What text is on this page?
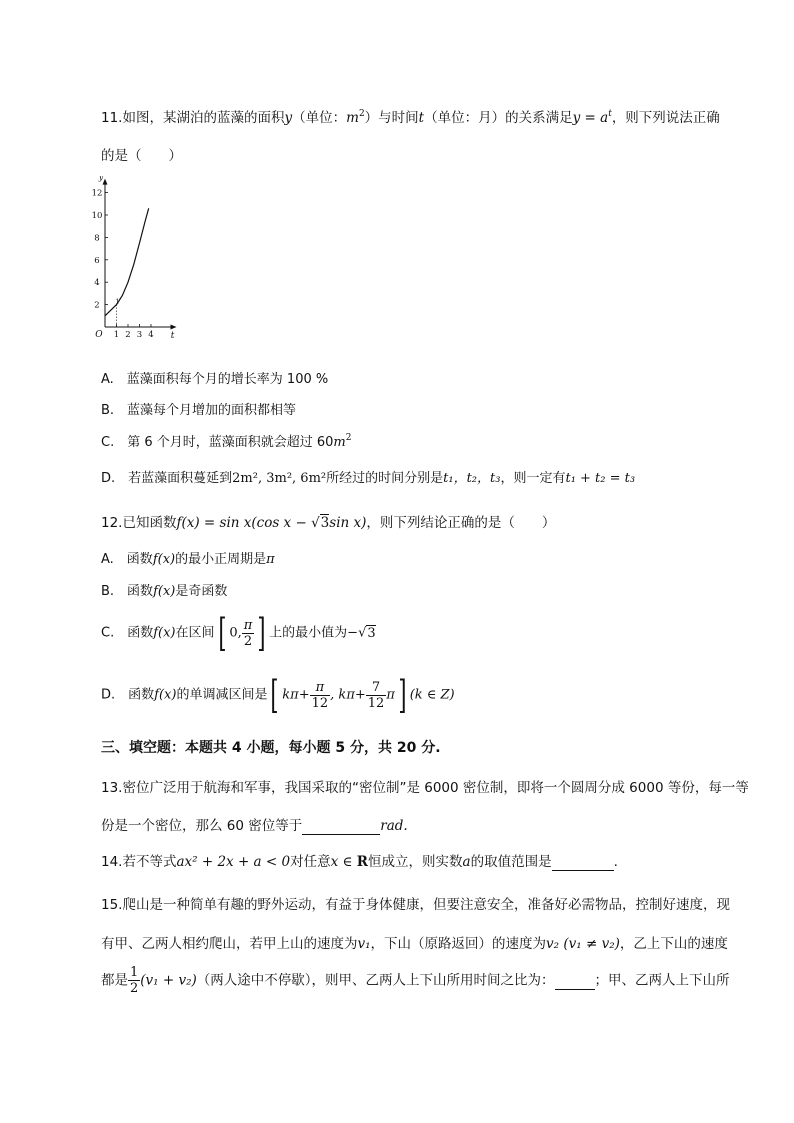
11.如图，某湖泊的蓝藻的面积y（单位：$m^2$）与时间t（单位：月）的关系满足$y = a^t$，则下列说法正确
的是（　　）
y
t
O 1 2 3 4
2
4
6
8
10
12
1
A.　蓝藻面积每个月的增长率为 100 %
B.　蓝藻每个月增加的面积都相等
C.　第 6 个月时，蓝藻面积就会超过 $60m^2$
D.　若蓝藻面积蔓延到2m², 3m², 6m²所经过的时间分别是t₁，t₂，t₃，则一定有t₁ + t₂ = t₃
12.已知函数f(x) = sin x(cos x − √3sin x)，则下列结论正确的是（　　）
A.　函数f(x)的最小正周期是π
B.　函数f(x)是奇函数
C.　函数f(x)在区间[ 0, $\frac{\pi}{2}$ ] 上的最小值为−√3
D.　函数f(x)的单调减区间是[ $k\pi+ \frac{\pi}{12}$ , $k\pi+ \frac{7}{12} \pi$] (k ∈ Z)
三、填空题：本题共 4 小题，每小题 5 分，共 20 分.
13.密位广泛用于航海和军事，我国采取的“密位制”是 6000 密位制，即将一个圆周分成 6000 等份，每一等
份是一个密位，那么 60 密位等于	rad.
14.若不等式ax² + 2x + a < 0对任意x ∈ R恒成立，则实数a的取值范围是	.
15.爬山是一种简单有趣的野外运动，有益于身体健康，但要注意安全，准备好必需物品，控制好速度，现
有甲、乙两人相约爬山，若甲上山的速度为v₁，下山（原路返回）的速度为v₂ (v₁ ≠ v₂)，乙上下山的速度
都是 $\frac{1}{2} (v_1 + v_2)$（两人途中不停歇），则甲、乙两人上下山所用时间之比为：	；甲、乙两人上下山所
